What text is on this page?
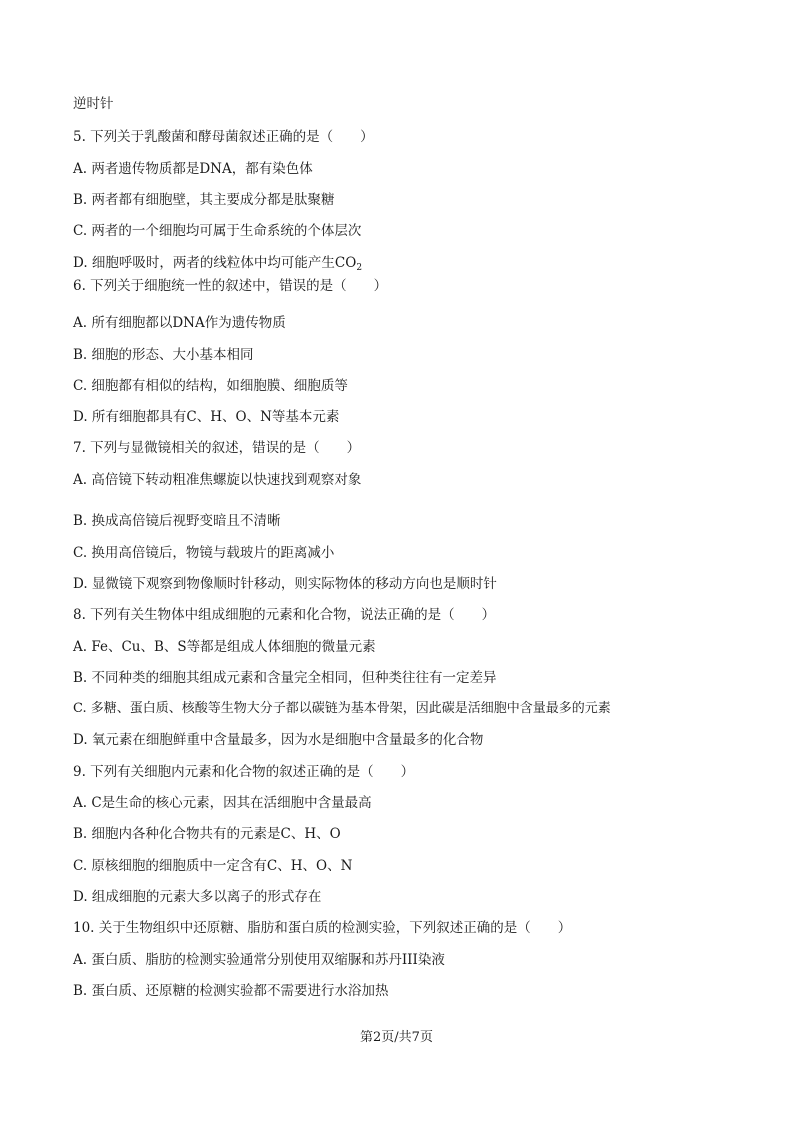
逆时针
5. 下列关于乳酸菌和酵母菌叙述正确的是（　　）
A. 两者遗传物质都是DNA，都有染色体
B. 两者都有细胞壁，其主要成分都是肽聚糖
C. 两者的一个细胞均可属于生命系统的个体层次
D. 细胞呼吸时，两者的线粒体中均可能产生$CO_2$
6. 下列关于细胞统一性的叙述中，错误的是（　　）
A. 所有细胞都以DNA作为遗传物质
B. 细胞的形态、大小基本相同
C. 细胞都有相似的结构，如细胞膜、细胞质等
D. 所有细胞都具有C、H、O、N等基本元素
7. 下列与显微镜相关的叙述，错误的是（　　）
A. 高倍镜下转动粗准焦螺旋以快速找到观察对象
B. 换成高倍镜后视野变暗且不清晰
C. 换用高倍镜后，物镜与载玻片的距离减小
D. 显微镜下观察到物像顺时针移动，则实际物体的移动方向也是顺时针
8. 下列有关生物体中组成细胞的元素和化合物，说法正确的是（　　）
A. Fe、Cu、B、S等都是组成人体细胞的微量元素
B. 不同种类的细胞其组成元素和含量完全相同，但种类往往有一定差异
C. 多糖、蛋白质、核酸等生物大分子都以碳链为基本骨架，因此碳是活细胞中含量最多的元素
D. 氧元素在细胞鲜重中含量最多，因为水是细胞中含量最多的化合物
9. 下列有关细胞内元素和化合物的叙述正确的是（　　）
A. C是生命的核心元素，因其在活细胞中含量最高
B. 细胞内各种化合物共有的元素是C、H、O
C. 原核细胞的细胞质中一定含有C、H、O、N
D. 组成细胞的元素大多以离子的形式存在
10. 关于生物组织中还原糖、脂肪和蛋白质的检测实验，下列叙述正确的是（　　）
A. 蛋白质、脂肪的检测实验通常分别使用双缩脲和苏丹III染液
B. 蛋白质、还原糖的检测实验都不需要进行水浴加热
第2页/共7页
